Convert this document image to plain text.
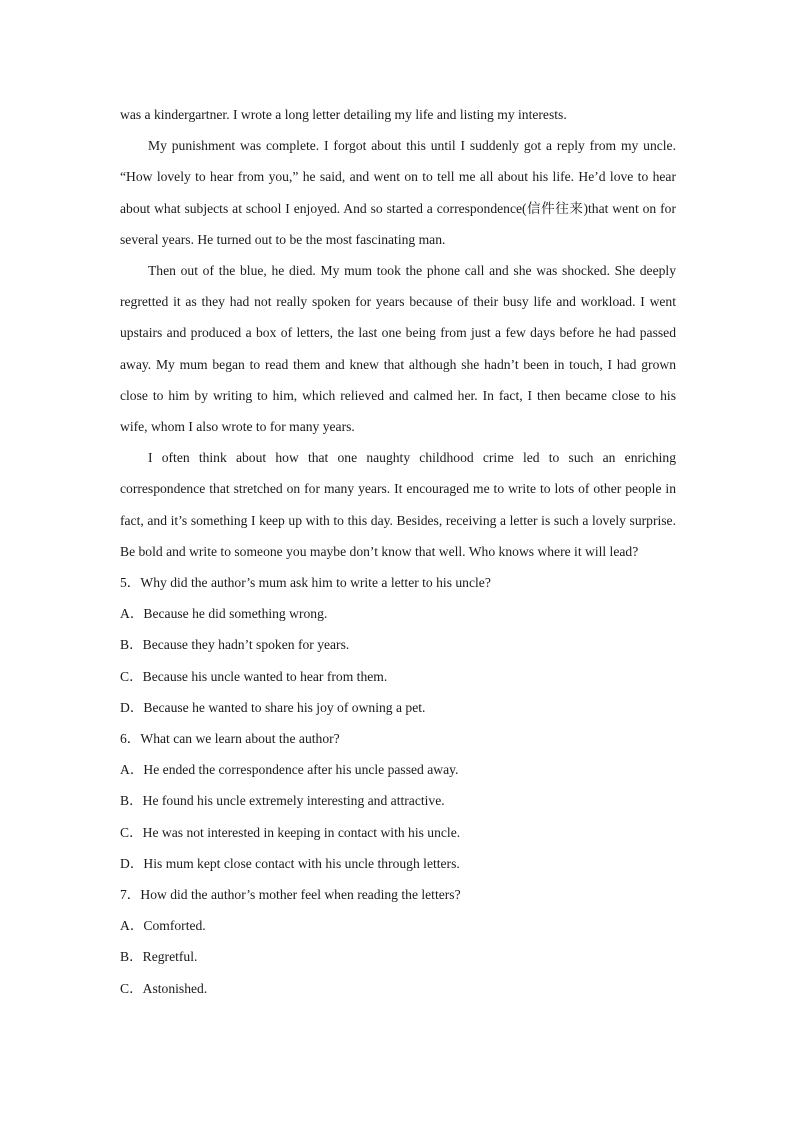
was a kindergartner. I wrote a long letter detailing my life and listing my interests.

My punishment was complete. I forgot about this until I suddenly got a reply from my uncle. “How lovely to hear from you,” he said, and went on to tell me all about his life. He’d love to hear about what subjects at school I enjoyed. And so started a correspondence(信件往来)that went on for several years. He turned out to be the most fascinating man.

Then out of the blue, he died. My mum took the phone call and she was shocked. She deeply regretted it as they had not really spoken for years because of their busy life and workload. I went upstairs and produced a box of letters, the last one being from just a few days before he had passed away. My mum began to read them and knew that although she hadn’t been in touch, I had grown close to him by writing to him, which relieved and calmed her. In fact, I then became close to his wife, whom I also wrote to for many years.

I often think about how that one naughty childhood crime led to such an enriching correspondence that stretched on for many years. It encouraged me to write to lots of other people in fact, and it’s something I keep up with to this day. Besides, receiving a letter is such a lovely surprise. Be bold and write to someone you maybe don’t know that well. Who knows where it will lead?

5．Why did the author’s mum ask him to write a letter to his uncle?

A．Because he did something wrong.

B．Because they hadn’t spoken for years.

C．Because his uncle wanted to hear from them.

D．Because he wanted to share his joy of owning a pet.

6．What can we learn about the author?

A．He ended the correspondence after his uncle passed away.

B．He found his uncle extremely interesting and attractive.

C．He was not interested in keeping in contact with his uncle.

D．His mum kept close contact with his uncle through letters.

7．How did the author’s mother feel when reading the letters?

A．Comforted.

B．Regretful.

C．Astonished.
